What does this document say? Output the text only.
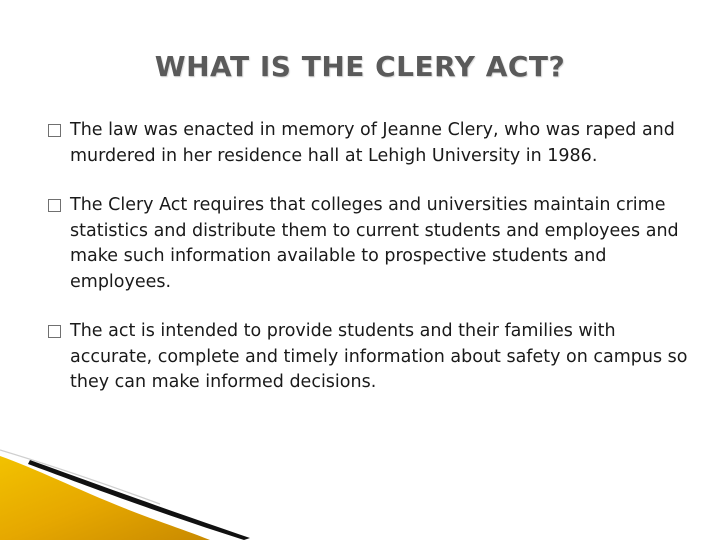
WHAT IS THE CLERY ACT?
The law was enacted in memory of Jeanne Clery, who was raped and murdered in her residence hall at Lehigh University in 1986.
The Clery Act requires that colleges and universities maintain crime statistics and distribute them to current students and employees and make such information available to prospective students and employees.
The act is intended to provide students and their families with accurate, complete and timely information about safety on campus so they can make informed decisions.
